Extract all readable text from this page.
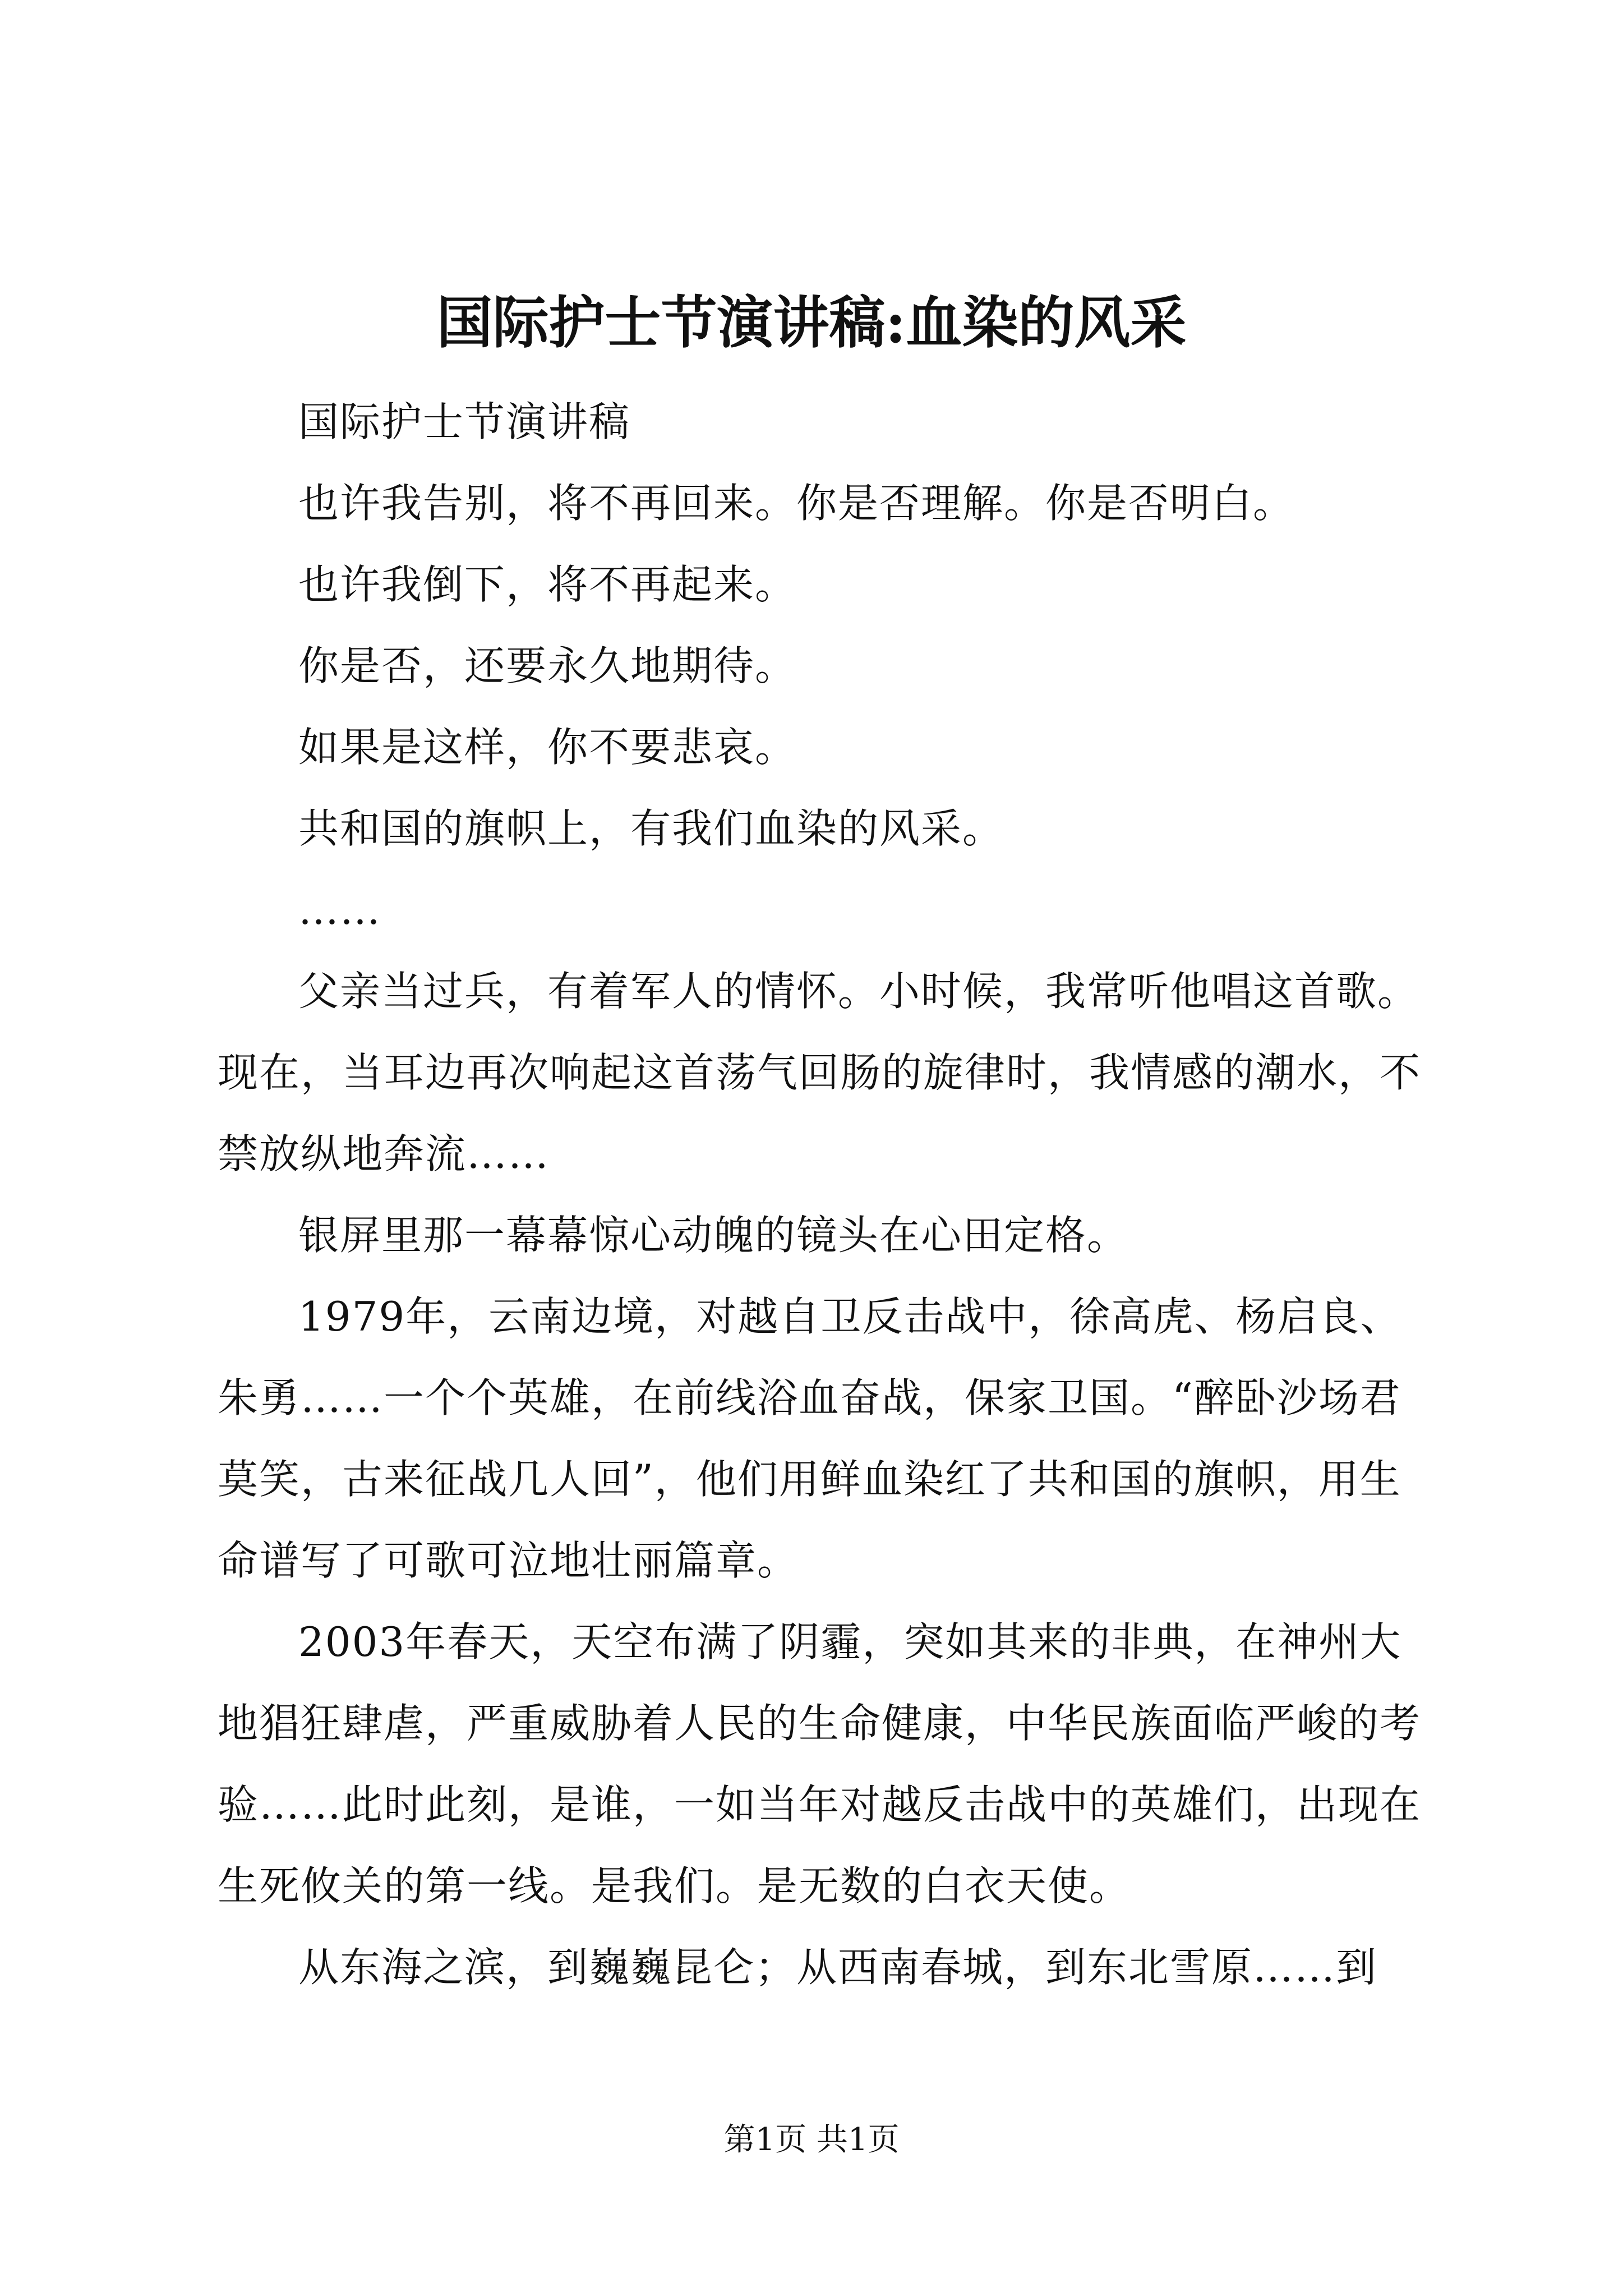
国际护士节演讲稿:血染的风采

国际护士节演讲稿

也许我告别，将不再回来。你是否理解。你是否明白。

也许我倒下，将不再起来。

你是否，还要永久地期待。

如果是这样，你不要悲哀。

共和国的旗帜上，有我们血染的风采。

……

父亲当过兵，有着军人的情怀。小时候，我常听他唱这首歌。现在，当耳边再次响起这首荡气回肠的旋律时，我情感的潮水，不禁放纵地奔流……

银屏里那一幕幕惊心动魄的镜头在心田定格。

1979年，云南边境，对越自卫反击战中，徐高虎、杨启良、朱勇……一个个英雄，在前线浴血奋战，保家卫国。“醉卧沙场君莫笑，古来征战几人回”，他们用鲜血染红了共和国的旗帜，用生命谱写了可歌可泣地壮丽篇章。

2003年春天，天空布满了阴霾，突如其来的非典，在神州大地猖狂肆虐，严重威胁着人民的生命健康，中华民族面临严峻的考验……此时此刻，是谁，一如当年对越反击战中的英雄们，出现在生死攸关的第一线。是我们。是无数的白衣天使。

从东海之滨，到巍巍昆仑；从西南春城，到东北雪原……到

第1页 共1页
